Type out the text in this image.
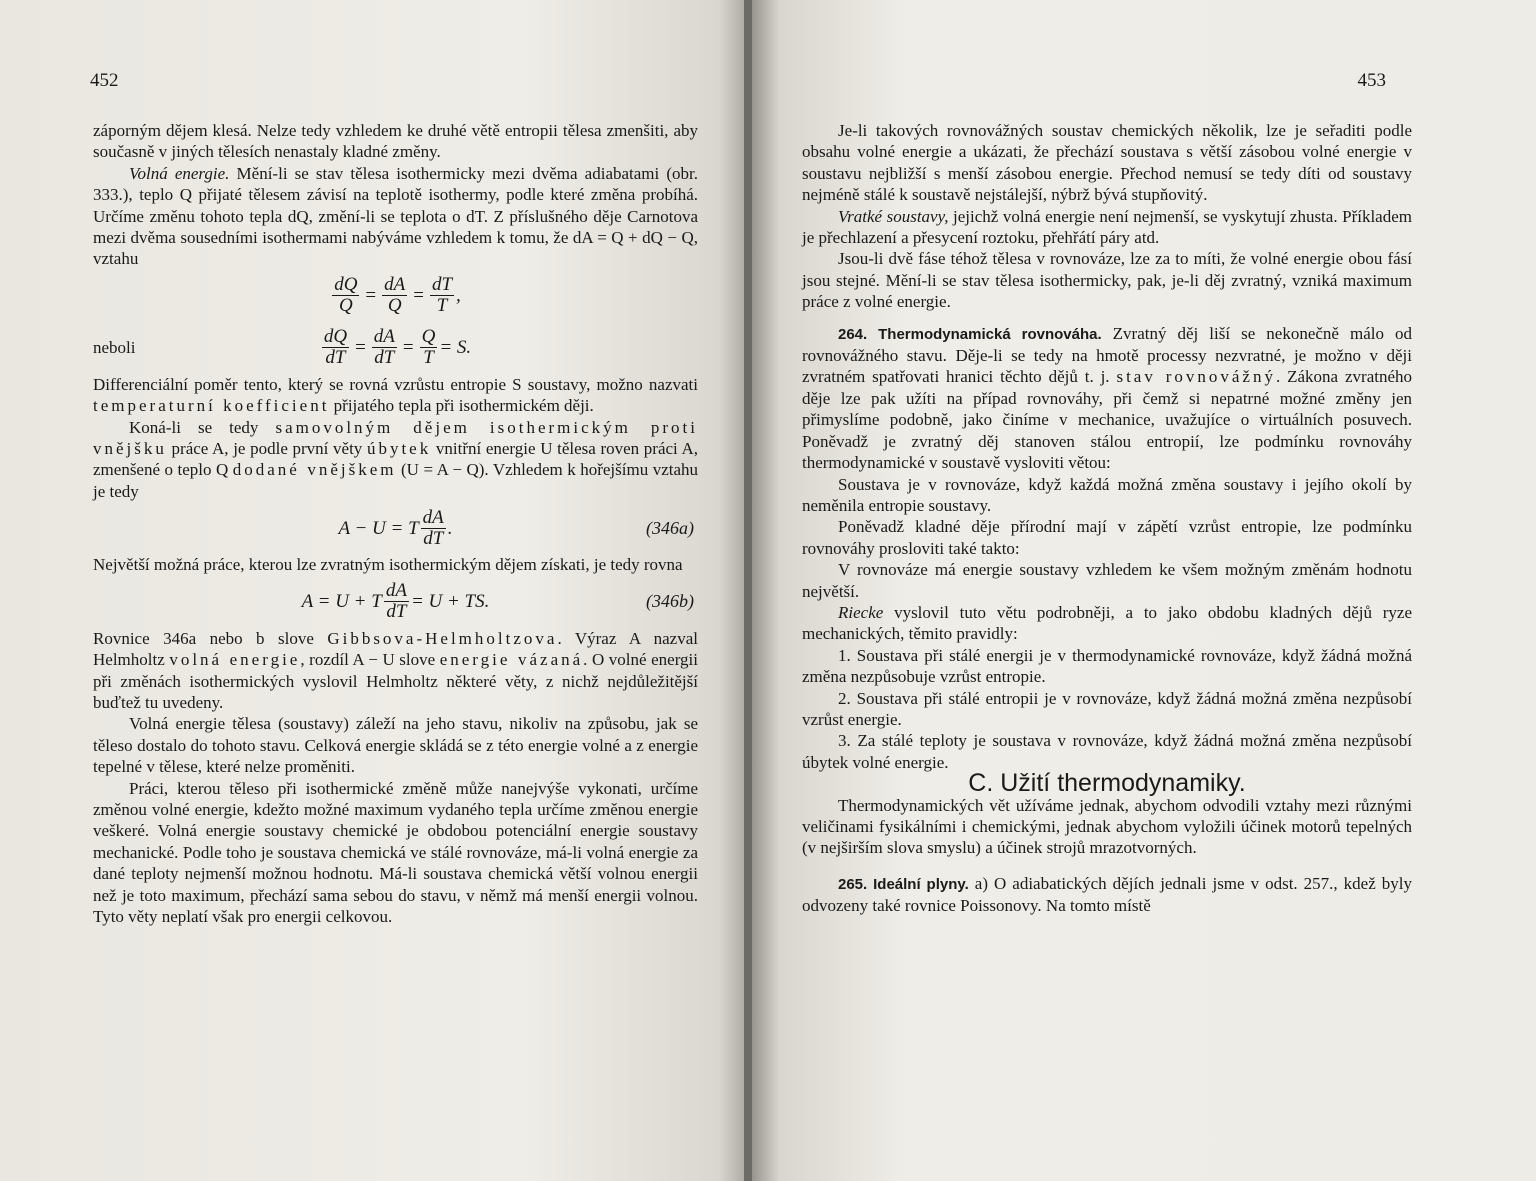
452

záporným dějem klesá. Nelze tedy vzhledem ke druhé větě entropii tělesa zmenšiti, aby současně v jiných tělesích nenastaly kladné změny.

Volná energie. Mění-li se stav tělesa isothermicky mezi dvěma adiabatami (obr. 333.), teplo Q přijaté tělesem závisí na teplotě isothermy, podle které změna probíhá. Určíme změnu tohoto tepla dQ, změní-li se teplota o dT. Z příslušného děje Carnotova mezi dvěma sousedními isothermami nabýváme vzhledem k tomu, že dA = Q + dQ − Q, vztahu

$\frac{dQ}{Q} = \frac{dA}{Q} = \frac{dT}{T}$ ,
neboli	$\frac{dQ}{dT} = \frac{dA}{dT} = \frac{Q}{T} = S$.

Differenciální poměr tento, který se rovná vzrůstu entropie S soustavy, možno nazvati temperaturní koefficient přijatého tepla při isothermickém ději.

Koná-li se tedy samovolným dějem isothermickým proti vnějšku práce A, je podle první věty úbytek vnitřní energie U tělesa roven práci A, zmenšené o teplo Q dodané vnějškem (U = A − Q). Vzhledem k hořejšímu vztahu je tedy

A − U = T $\frac{dA}{dT}$ .	(346a)

Největší možná práce, kterou lze zvratným isothermickým dějem získati, je tedy rovna

A = U + T $\frac{dA}{dT} = U$ + TS.	(346b)

Rovnice 346a nebo b slove Gibbsova-Helmholtzova. Výraz A nazval Helmholtz volná energie, rozdíl A − U slove energie vázaná. O volné energii při změnách isothermických vyslovil Helmholtz některé věty, z nichž nejdůležitější buďtež tu uvedeny.

Volná energie tělesa (soustavy) záleží na jeho stavu, nikoliv na způsobu, jak se těleso dostalo do tohoto stavu. Celková energie skládá se z této energie volné a z energie tepelné v tělese, které nelze proměniti.

Práci, kterou těleso při isothermické změně může nanejvýše vykonati, určíme změnou volné energie, kdežto možné maximum vydaného tepla určíme změnou energie veškeré. Volná energie soustavy chemické je obdobou potenciální energie soustavy mechanické. Podle toho je soustava chemická ve stálé rovnováze, má-li volná energie za dané teploty nejmenší možnou hodnotu. Má-li soustava chemická větší volnou energii než je toto maximum, přechází sama sebou do stavu, v němž má menší energii volnou. Tyto věty neplatí však pro energii celkovou.

453

Je-li takových rovnovážných soustav chemických několik, lze je seřaditi podle obsahu volné energie a ukázati, že přechází soustava s větší zásobou volné energie v soustavu nejbližší s menší zásobou energie. Přechod nemusí se tedy díti od soustavy nejméně stálé k soustavě nejstálejší, nýbrž bývá stupňovitý.

Vratké soustavy, jejichž volná energie není nejmenší, se vyskytují zhusta. Příkladem je přechlazení a přesycení roztoku, přehřátí páry atd.

Jsou-li dvě fáse téhož tělesa v rovnováze, lze za to míti, že volné energie obou fásí jsou stejné. Mění-li se stav tělesa isothermicky, pak, je-li děj zvratný, vzniká maximum práce z volné energie.

264. Thermodynamická rovnováha. Zvratný děj liší se nekonečně málo od rovnovážného stavu. Děje-li se tedy na hmotě processy nezvratné, je možno v ději zvratném spatřovati hranici těchto dějů t. j. stav rovnovážný. Zákona zvratného děje lze pak užíti na případ rovnováhy, při čemž si nepatrné možné změny jen přimyslíme podobně, jako činíme v mechanice, uvažujíce o virtuálních posuvech. Poněvadž je zvratný děj stanoven stálou entropií, lze podmínku rovnováhy thermodynamické v soustavě vysloviti větou:

Soustava je v rovnováze, když každá možná změna soustavy i jejího okolí by neměnila entropie soustavy.

Poněvadž kladné děje přírodní mají v zápětí vzrůst entropie, lze podmínku rovnováhy prosloviti také takto:

V rovnováze má energie soustavy vzhledem ke všem možným změnám hodnotu největší.

Riecke vyslovil tuto větu podrobněji, a to jako obdobu kladných dějů ryze mechanických, těmito pravidly:

1. Soustava při stálé energii je v thermodynamické rovnováze, když žádná možná změna nezpůsobuje vzrůst entropie.

2. Soustava při stálé entropii je v rovnováze, když žádná možná změna nezpůsobí vzrůst energie.

3. Za stálé teploty je soustava v rovnováze, když žádná možná změna nezpůsobí úbytek volné energie.

C. Užití thermodynamiky.

Thermodynamických vět užíváme jednak, abychom odvodili vztahy mezi různými veličinami fysikálními i chemickými, jednak abychom vyložili účinek motorů tepelných (v nejširším slova smyslu) a účinek strojů mrazotvorných.

265. Ideální plyny. a) O adiabatických dějích jednali jsme v odst. 257., kdež byly odvozeny také rovnice Poissonovy. Na tomto místě
